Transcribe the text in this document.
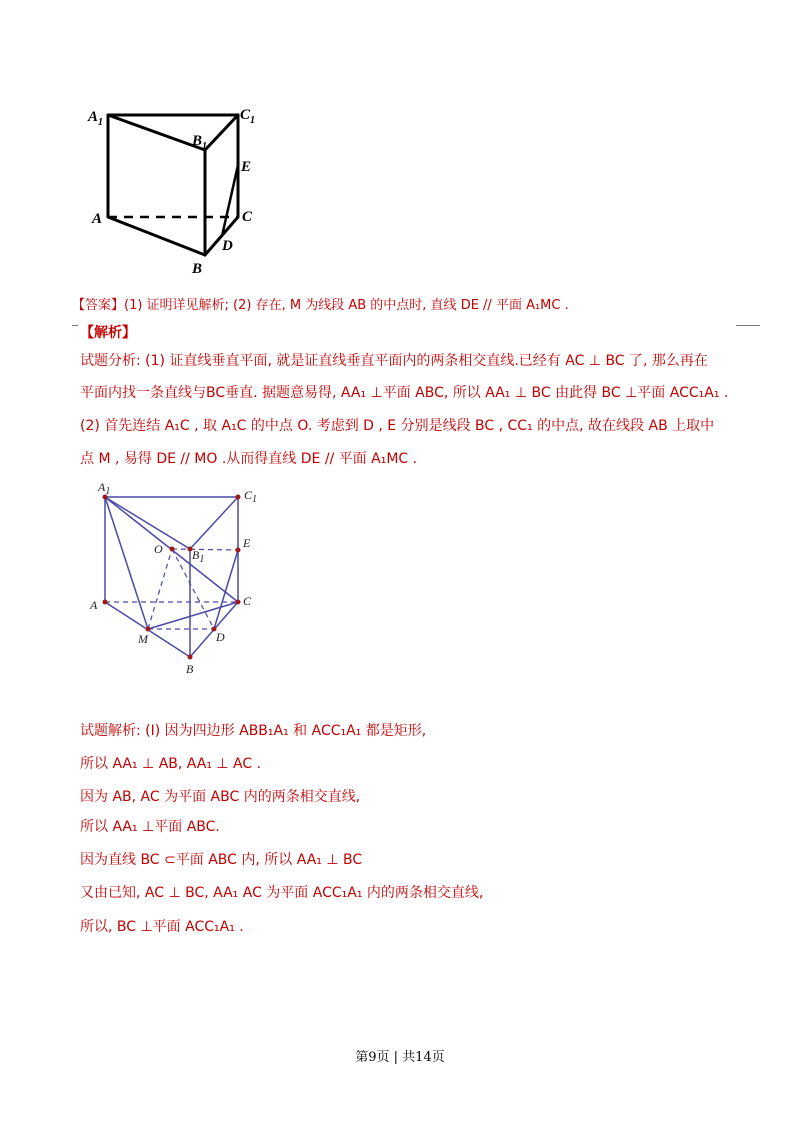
$A_1$	$C_1$
$B_1$
E
A	C
D
B
【答案】(1) 证明详见解析; (2) 存在, M 为线段 AB 的中点时, 直线 DE // 平面 A₁MC .
【解析】
试题分析: (1) 证直线垂直平面, 就是证直线垂直平面内的两条相交直线.已经有 AC ⊥ BC 了, 那么再在
平面内找一条直线与BC垂直. 据题意易得, AA₁ ⊥平面 ABC, 所以 AA₁ ⊥ BC 由此得 BC ⊥平面 ACC₁A₁ .
(2) 首先连结 A₁C , 取 A₁C 的中点 O. 考虑到 D , E 分别是线段 BC , CC₁ 的中点, 故在线段 AB 上取中
点 M , 易得 DE // MO .从而得直线 DE // 平面 A₁MC .
$A_1$	$C_1$
O $B_1$
E
A	C
M	D
B
试题解析: (I) 因为四边形 ABB₁A₁ 和 ACC₁A₁ 都是矩形,
所以 AA₁ ⊥ AB, AA₁ ⊥ AC .
因为 AB, AC 为平面 ABC 内的两条相交直线,
所以 AA₁ ⊥平面 ABC.
因为直线 BC ⊂平面 ABC 内, 所以 AA₁ ⊥ BC
又由已知, AC ⊥ BC, AA₁ AC 为平面 ACC₁A₁ 内的两条相交直线,
所以, BC ⊥平面 ACC₁A₁ .
第9页 | 共14页
